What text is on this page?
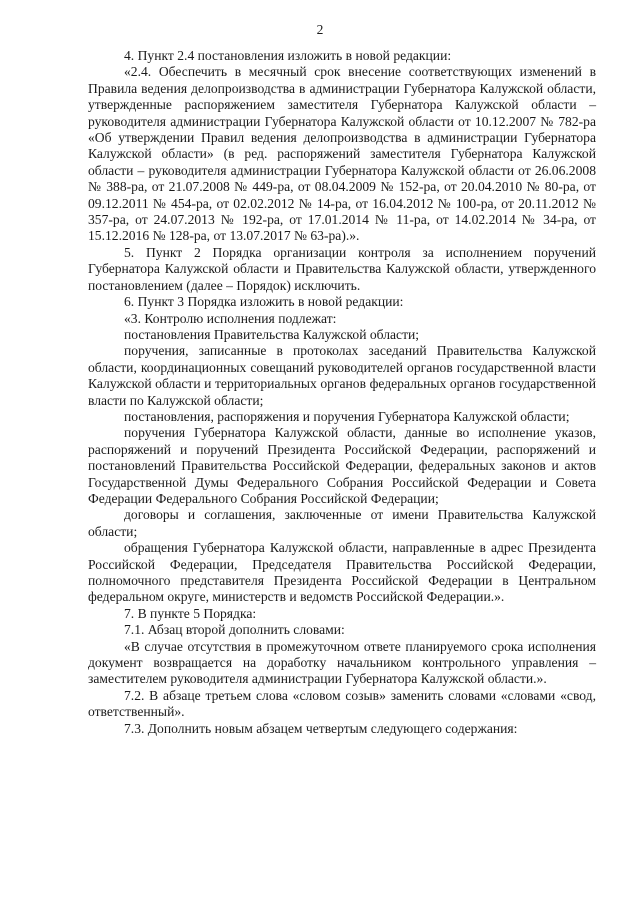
2

4. Пункт 2.4 постановления изложить в новой редакции:

«2.4. Обеспечить в месячный срок внесение соответствующих изменений в Правила ведения делопроизводства в администрации Губернатора Калужской области, утвержденные распоряжением заместителя Губернатора Калужской области – руководителя администрации Губернатора Калужской области от 10.12.2007 № 782-ра «Об утверждении Правил ведения делопроизводства в администрации Губернатора Калужской области» (в ред. распоряжений заместителя Губернатора Калужской области – руководителя администрации Губернатора Калужской области от 26.06.2008 № 388-ра, от 21.07.2008 № 449-ра, от 08.04.2009 № 152-ра, от 20.04.2010 № 80-ра, от 09.12.2011 № 454-ра, от 02.02.2012 № 14-ра, от 16.04.2012 № 100-ра, от 20.11.2012 № 357-ра, от 24.07.2013 № 192-ра, от 17.01.2014 № 11-ра, от 14.02.2014 № 34-ра, от 15.12.2016 № 128-ра, от 13.07.2017 № 63-ра).».

5. Пункт 2 Порядка организации контроля за исполнением поручений Губернатора Калужской области и Правительства Калужской области, утвержденного постановлением (далее – Порядок) исключить.

6. Пункт 3 Порядка изложить в новой редакции:

«3. Контролю исполнения подлежат:

постановления Правительства Калужской области;

поручения, записанные в протоколах заседаний Правительства Калужской области, координационных совещаний руководителей органов государственной власти Калужской области и территориальных органов федеральных органов государственной власти по Калужской области;

постановления, распоряжения и поручения Губернатора Калужской области;

поручения Губернатора Калужской области, данные во исполнение указов, распоряжений и поручений Президента Российской Федерации, распоряжений и постановлений Правительства Российской Федерации, федеральных законов и актов Государственной Думы Федерального Собрания Российской Федерации и Совета Федерации Федерального Собрания Российской Федерации;

договоры и соглашения, заключенные от имени Правительства Калужской области;

обращения Губернатора Калужской области, направленные в адрес Президента Российской Федерации, Председателя Правительства Российской Федерации, полномочного представителя Президента Российской Федерации в Центральном федеральном округе, министерств и ведомств Российской Федерации.».

7. В пункте 5 Порядка:

7.1. Абзац второй дополнить словами:

«В случае отсутствия в промежуточном ответе планируемого срока исполнения документ возвращается на доработку начальником контрольного управления – заместителем руководителя администрации Губернатора Калужской области.».

7.2. В абзаце третьем слова «словом созыв» заменить словами «словами «свод, ответственный».

7.3. Дополнить новым абзацем четвертым следующего содержания:
